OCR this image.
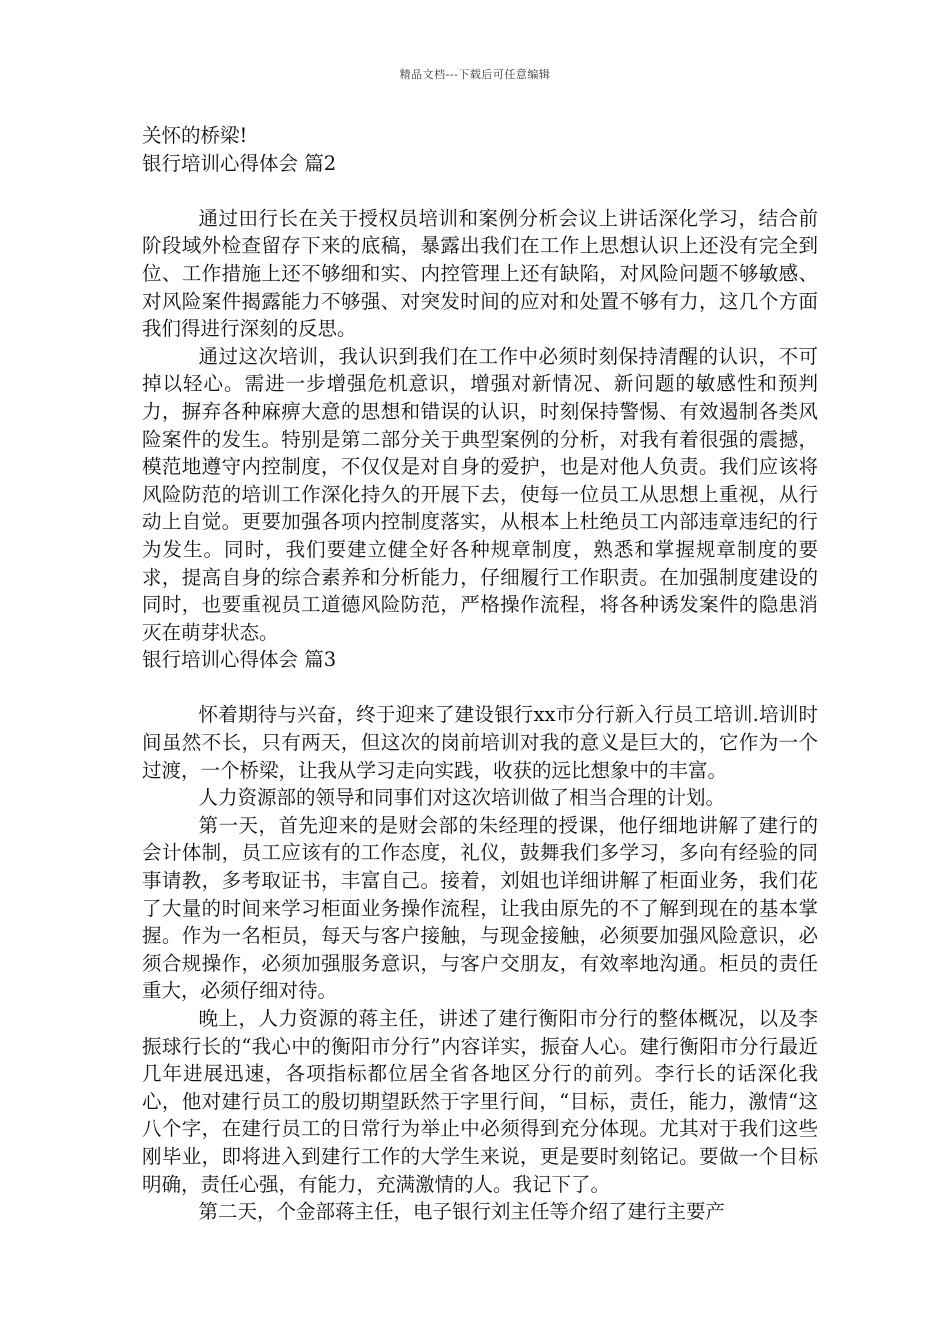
精品文档---下载后可任意编辑

关怀的桥梁!

银行培训心得体会 篇2

通过田行长在关于授权员培训和案例分析会议上讲话深化学习，结合前阶段域外检查留存下来的底稿，暴露出我们在工作上思想认识上还没有完全到位、工作措施上还不够细和实、内控管理上还有缺陷，对风险问题不够敏感、对风险案件揭露能力不够强、对突发时间的应对和处置不够有力，这几个方面我们得进行深刻的反思。

通过这次培训，我认识到我们在工作中必须时刻保持清醒的认识，不可掉以轻心。需进一步增强危机意识，增强对新情况、新问题的敏感性和预判力，摒弃各种麻痹大意的思想和错误的认识，时刻保持警惕、有效遏制各类风险案件的发生。特别是第二部分关于典型案例的分析，对我有着很强的震撼，模范地遵守内控制度，不仅仅是对自身的爱护，也是对他人负责。我们应该将风险防范的培训工作深化持久的开展下去，使每一位员工从思想上重视，从行动上自觉。更要加强各项内控制度落实，从根本上杜绝员工内部违章违纪的行为发生。同时，我们要建立健全好各种规章制度，熟悉和掌握规章制度的要求，提高自身的综合素养和分析能力，仔细履行工作职责。在加强制度建设的同时，也要重视员工道德风险防范，严格操作流程，将各种诱发案件的隐患消灭在萌芽状态。

银行培训心得体会 篇3

怀着期待与兴奋，终于迎来了建设银行xx市分行新入行员工培训.培训时间虽然不长，只有两天，但这次的岗前培训对我的意义是巨大的，它作为一个过渡，一个桥梁，让我从学习走向实践，收获的远比想象中的丰富。

人力资源部的领导和同事们对这次培训做了相当合理的计划。

第一天，首先迎来的是财会部的朱经理的授课，他仔细地讲解了建行的会计体制，员工应该有的工作态度，礼仪，鼓舞我们多学习，多向有经验的同事请教，多考取证书，丰富自己。接着，刘姐也详细讲解了柜面业务，我们花了大量的时间来学习柜面业务操作流程，让我由原先的不了解到现在的基本掌握。作为一名柜员，每天与客户接触，与现金接触，必须要加强风险意识，必须合规操作，必须加强服务意识，与客户交朋友，有效率地沟通。柜员的责任重大，必须仔细对待。

晚上，人力资源的蒋主任，讲述了建行衡阳市分行的整体概况，以及李振球行长的“我心中的衡阳市分行”内容详实，振奋人心。建行衡阳市分行最近几年进展迅速，各项指标都位居全省各地区分行的前列。李行长的话深化我心，他对建行员工的殷切期望跃然于字里行间，“目标，责任，能力，激情“这八个字，在建行员工的日常行为举止中必须得到充分体现。尤其对于我们这些刚毕业，即将进入到建行工作的大学生来说，更是要时刻铭记。要做一个目标明确，责任心强，有能力，充满激情的人。我记下了。

第二天，个金部蒋主任，电子银行刘主任等介绍了建行主要产
